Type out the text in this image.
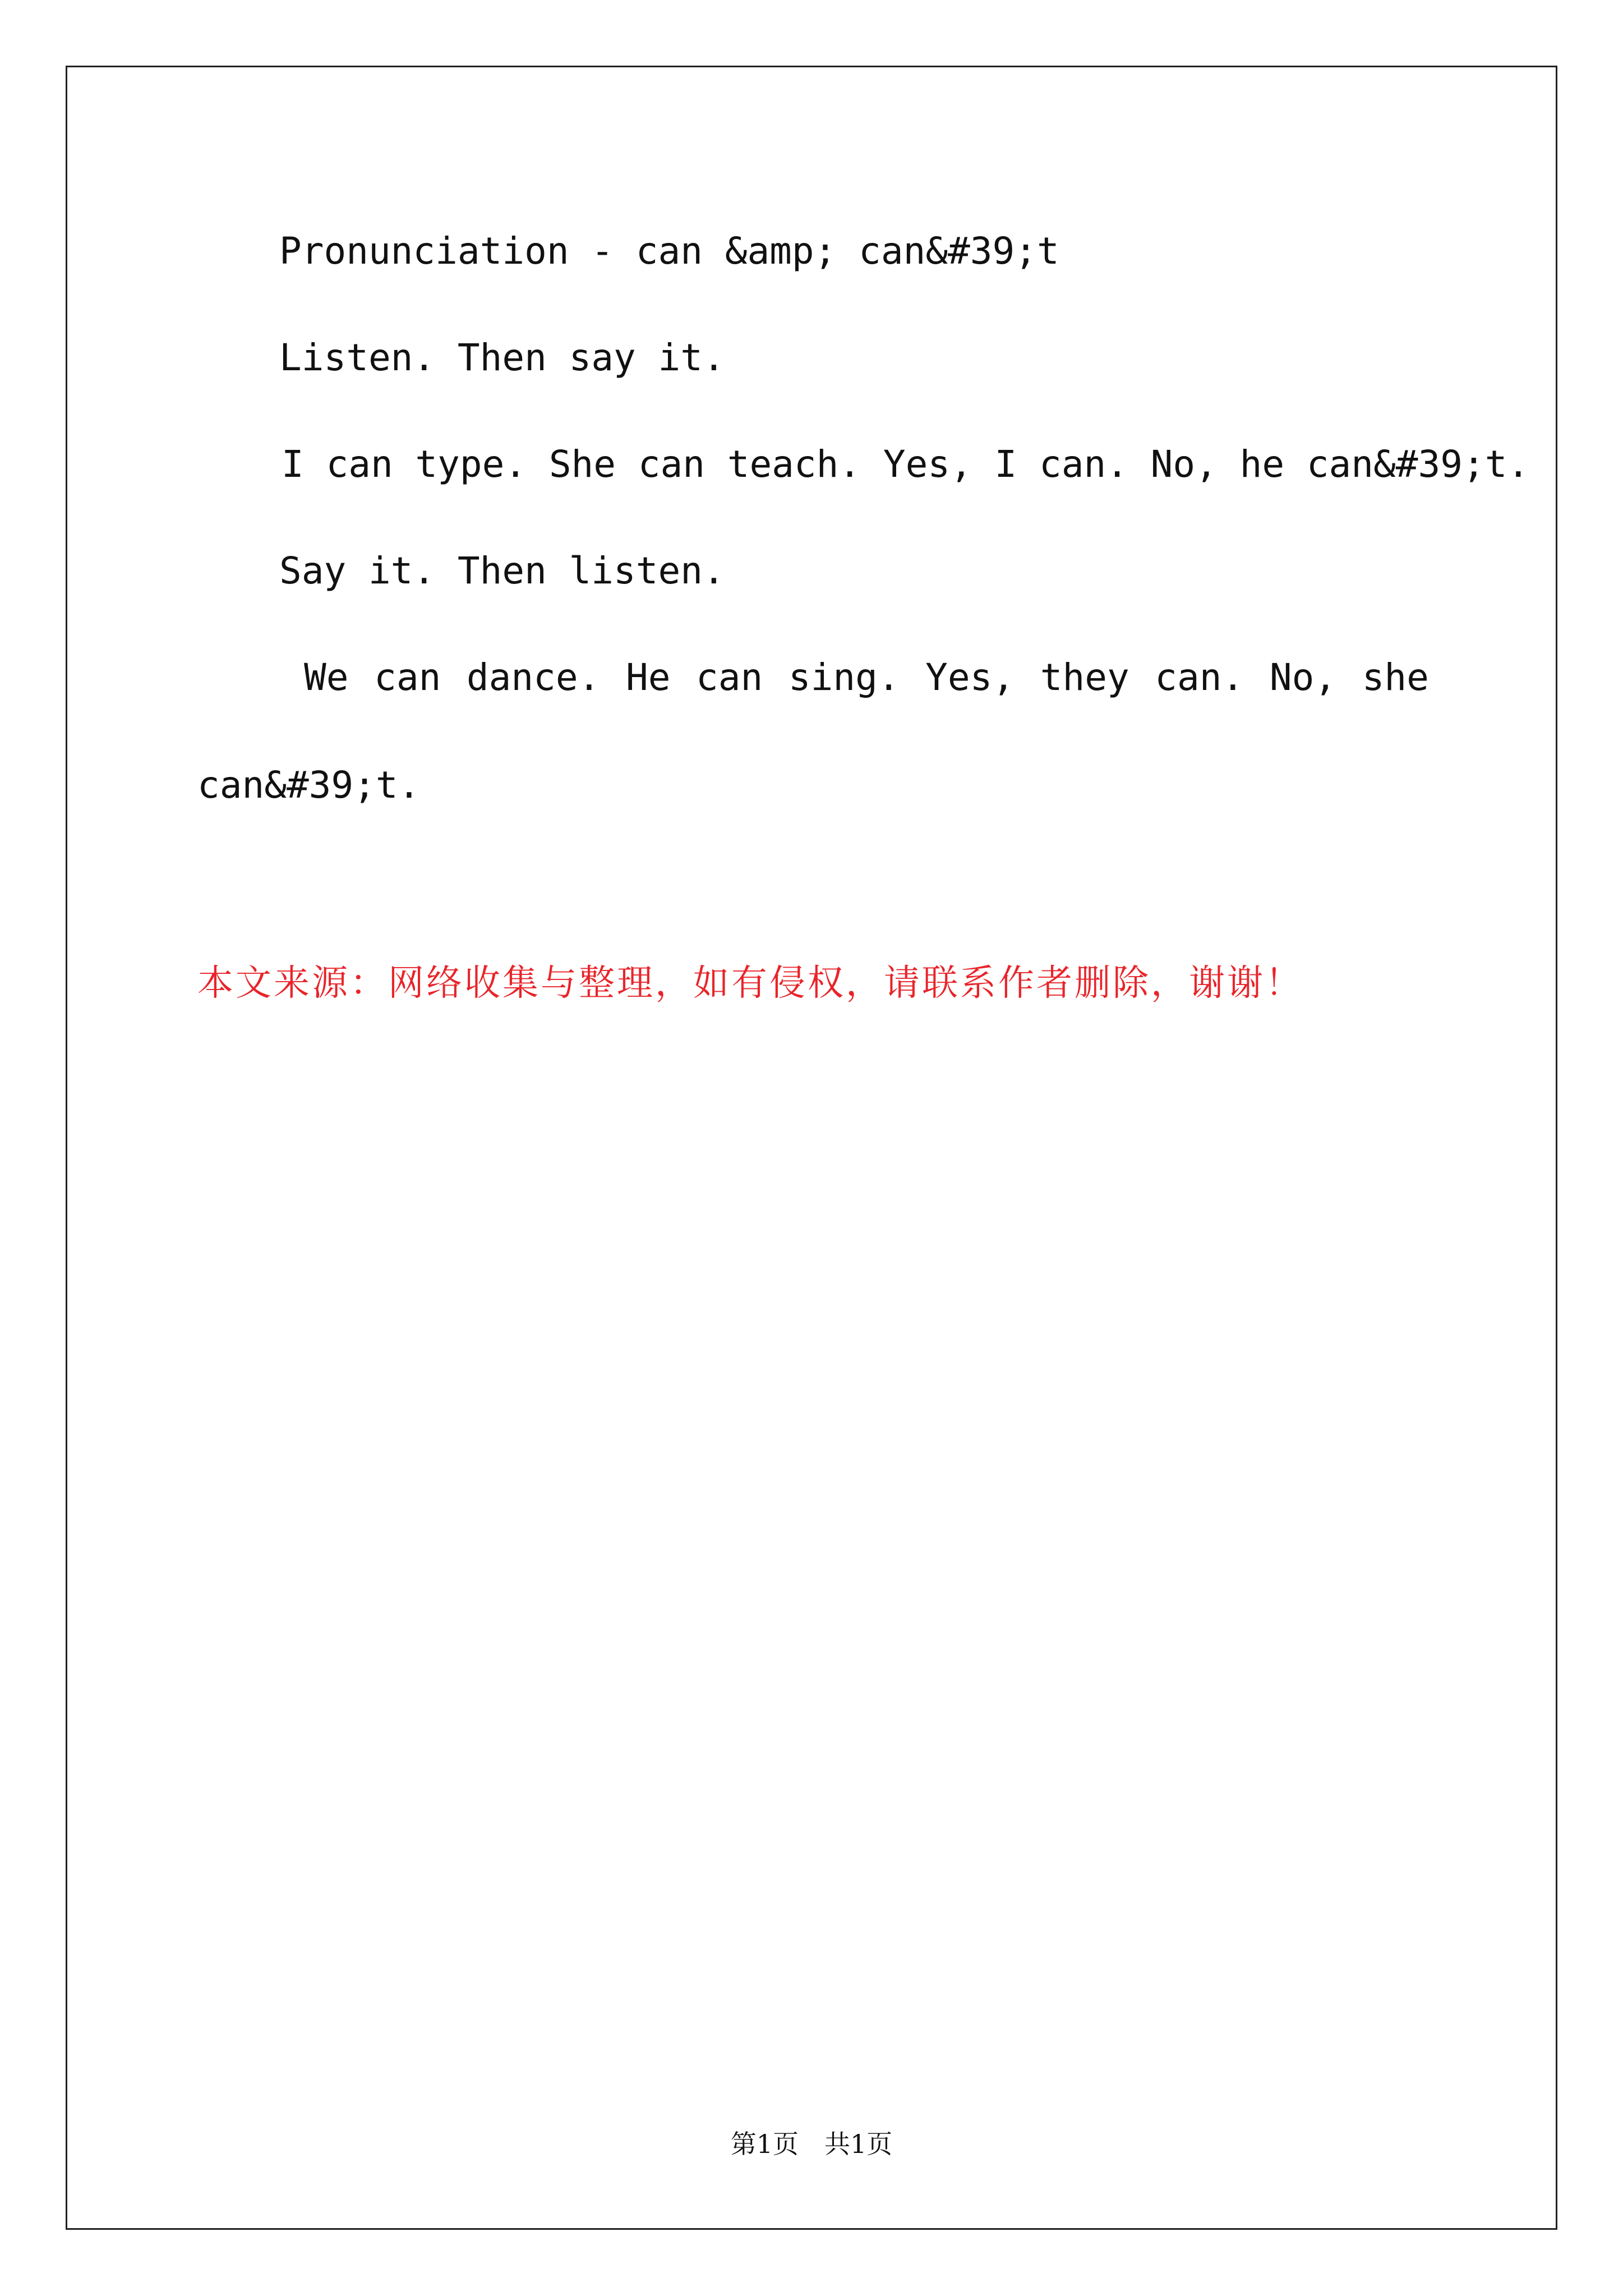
Pronunciation - can &amp; can&#39;t
Listen. Then say it.
I can type. She can teach. Yes, I can. No, he can&#39;t.
Say it. Then listen.
We can dance. He can sing. Yes, they can. No, she
can&#39;t.
本文来源：网络收集与整理，如有侵权，请联系作者删除，谢谢！
第1页　共1页
